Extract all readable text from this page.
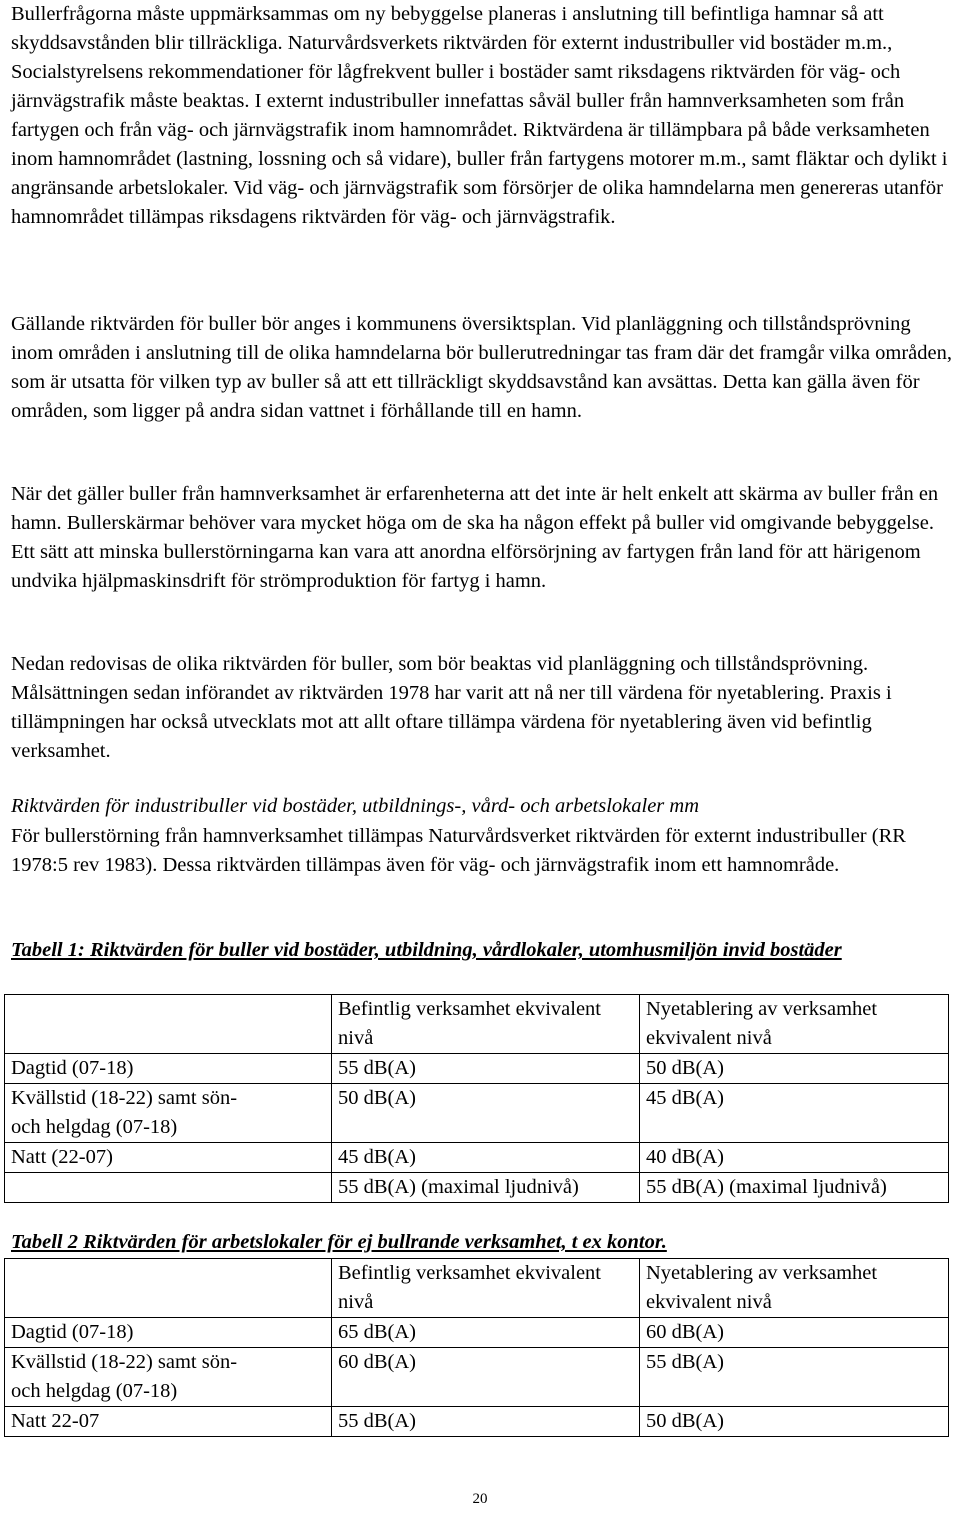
Bullerfrågorna måste uppmärksammas om ny bebyggelse planeras i anslutning till befintliga hamnar så att skyddsavstånden blir tillräckliga. Naturvårdsverkets riktvärden för externt industribuller vid bostäder m.m., Socialstyrelsens rekommendationer för lågfrekvent buller i bostäder samt riksdagens riktvärden för väg- och järnvägstrafik måste beaktas. I externt industribuller innefattas såväl buller från hamnverksamheten som från fartygen och från väg- och järnvägstrafik inom hamnområdet. Riktvärdena är tillämpbara på både verksamheten inom hamnområdet (lastning, lossning och så vidare), buller från fartygens motorer m.m., samt fläktar och dylikt i angränsande arbetslokaler. Vid väg- och järnvägstrafik som försörjer de olika hamndelarna men genereras utanför hamnområdet tillämpas riksdagens riktvärden för väg- och järnvägstrafik.

Gällande riktvärden för buller bör anges i kommunens översiktsplan. Vid planläggning och tillståndsprövning inom områden i anslutning till de olika hamndelarna bör bullerutredningar tas fram där det framgår vilka områden, som är utsatta för vilken typ av buller så att ett tillräckligt skyddsavstånd kan avsättas. Detta kan gälla även för områden, som ligger på andra sidan vattnet i förhållande till en hamn.

När det gäller buller från hamnverksamhet är erfarenheterna att det inte är helt enkelt att skärma av buller från en hamn. Bullerskärmar behöver vara mycket höga om de ska ha någon effekt på buller vid omgivande bebyggelse. Ett sätt att minska bullerstörningarna kan vara att anordna elförsörjning av fartygen från land för att härigenom undvika hjälpmaskinsdrift för strömproduktion för fartyg i hamn.

Nedan redovisas de olika riktvärden för buller, som bör beaktas vid planläggning och tillståndsprövning. Målsättningen sedan införandet av riktvärden 1978 har varit att nå ner till värdena för nyetablering. Praxis i tillämpningen har också utvecklats mot att allt oftare tillämpa värdena för nyetablering även vid befintlig verksamhet.

Riktvärden för industribuller vid bostäder, utbildnings-, vård- och arbetslokaler mm

För bullerstörning från hamnverksamhet tillämpas Naturvårdsverket riktvärden för externt industribuller (RR 1978:5 rev 1983). Dessa riktvärden tillämpas även för väg- och järnvägstrafik inom ett hamnområde.

Tabell 1: Riktvärden för buller vid bostäder, utbildning, vårdlokaler, utomhusmiljön invid bostäder

	Befintlig verksamhet ekvivalent nivå	Nyetablering av verksamhet ekvivalent nivå
Dagtid (07-18)	55 dB(A)	50 dB(A)
Kvällstid (18-22) samt sön- och helgdag (07-18)	50 dB(A)	45 dB(A)
Natt (22-07)	45 dB(A)	40 dB(A)
	55 dB(A) (maximal ljudnivå)	55 dB(A) (maximal ljudnivå)

Tabell 2 Riktvärden för arbetslokaler för ej bullrande verksamhet, t ex kontor.

	Befintlig verksamhet ekvivalent nivå	Nyetablering av verksamhet ekvivalent nivå
Dagtid (07-18)	65 dB(A)	60 dB(A)
Kvällstid (18-22) samt sön- och helgdag (07-18)	60 dB(A)	55 dB(A)
Natt 22-07	55 dB(A)	50 dB(A)
20
